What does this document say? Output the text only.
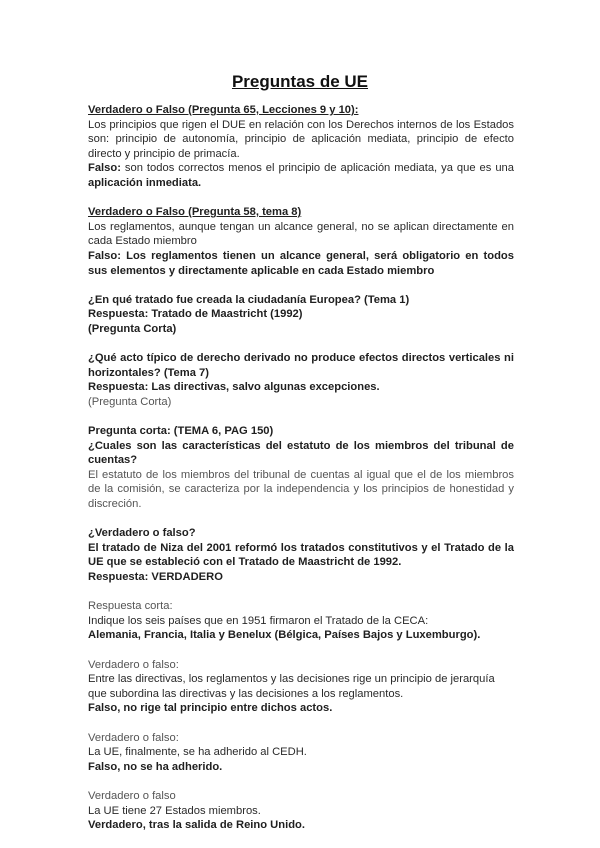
Preguntas de UE

Verdadero o Falso (Pregunta 65, Lecciones 9 y 10):

Los principios que rigen el DUE en relación con los Derechos internos de los Estados son: principio de autonomía, principio de aplicación mediata, principio de efecto directo y principio de primacía.

Falso: son todos correctos menos el principio de aplicación mediata, ya que es una aplicación inmediata.

Verdadero o Falso (Pregunta 58, tema 8)

Los reglamentos, aunque tengan un alcance general, no se aplican directamente en cada Estado miembro

Falso: Los reglamentos tienen un alcance general, será obligatorio en todos sus elementos y directamente aplicable en cada Estado miembro

¿En qué tratado fue creada la ciudadanía Europea? (Tema 1)

Respuesta: Tratado de Maastricht (1992)

(Pregunta Corta)

¿Qué acto típico de derecho derivado no produce efectos directos verticales ni horizontales? (Tema 7)

Respuesta: Las directivas, salvo algunas excepciones.

(Pregunta Corta)

Pregunta corta: (TEMA 6, PAG 150)

¿Cuales son las características del estatuto de los miembros del tribunal de cuentas?

El estatuto de los miembros del tribunal de cuentas al igual que el de los miembros de la comisión, se caracteriza por la independencia y los principios de honestidad y discreción.

¿Verdadero o falso?

El tratado de Niza del 2001 reformó los tratados constitutivos y el Tratado de la UE que se estableció con el Tratado de Maastricht de 1992.

Respuesta: VERDADERO

Respuesta corta:

Indique los seis países que en 1951 firmaron el Tratado de la CECA:

Alemania, Francia, Italia y Benelux (Bélgica, Países Bajos y Luxemburgo).

Verdadero o falso:

Entre las directivas, los reglamentos y las decisiones rige un principio de jerarquía que subordina las directivas y las decisiones a los reglamentos.

Falso, no rige tal principio entre dichos actos.

Verdadero o falso:

La UE, finalmente, se ha adherido al CEDH.

Falso, no se ha adherido.

Verdadero o falso

La UE tiene 27 Estados miembros.

Verdadero, tras la salida de Reino Unido.
